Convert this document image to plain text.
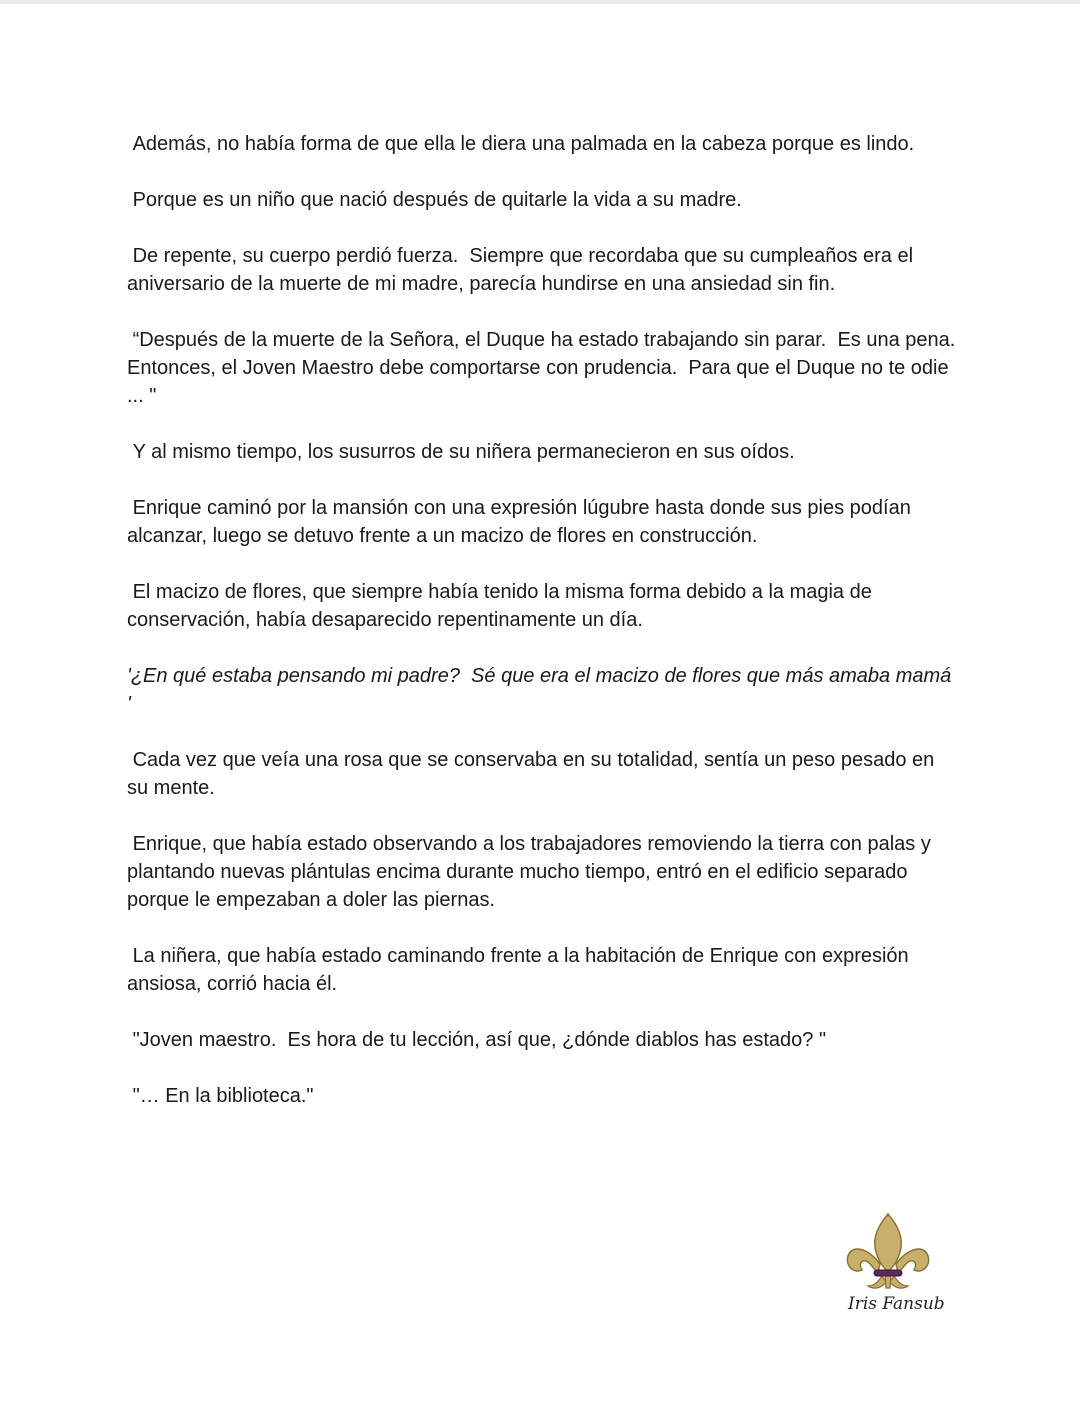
Además, no había forma de que ella le diera una palmada en la cabeza porque es lindo.

Porque es un niño que nació después de quitarle la vida a su madre.

De repente, su cuerpo perdió fuerza.  Siempre que recordaba que su cumpleaños era el aniversario de la muerte de mi madre, parecía hundirse en una ansiedad sin fin.

“Después de la muerte de la Señora, el Duque ha estado trabajando sin parar.  Es una pena.  Entonces, el Joven Maestro debe comportarse con prudencia.  Para que el Duque no te odie ... "

Y al mismo tiempo, los susurros de su niñera permanecieron en sus oídos.

Enrique caminó por la mansión con una expresión lúgubre hasta donde sus pies podían alcanzar, luego se detuvo frente a un macizo de flores en construcción.

El macizo de flores, que siempre había tenido la misma forma debido a la magia de conservación, había desaparecido repentinamente un día.

'¿En qué estaba pensando mi padre?  Sé que era el macizo de flores que más amaba mamá '

Cada vez que veía una rosa que se conservaba en su totalidad, sentía un peso pesado en su mente.

Enrique, que había estado observando a los trabajadores removiendo la tierra con palas y plantando nuevas plántulas encima durante mucho tiempo, entró en el edificio separado porque le empezaban a doler las piernas.

La niñera, que había estado caminando frente a la habitación de Enrique con expresión ansiosa, corrió hacia él.

"Joven maestro.  Es hora de tu lección, así que, ¿dónde diablos has estado? "

"… En la biblioteca."

Iris Fansub
